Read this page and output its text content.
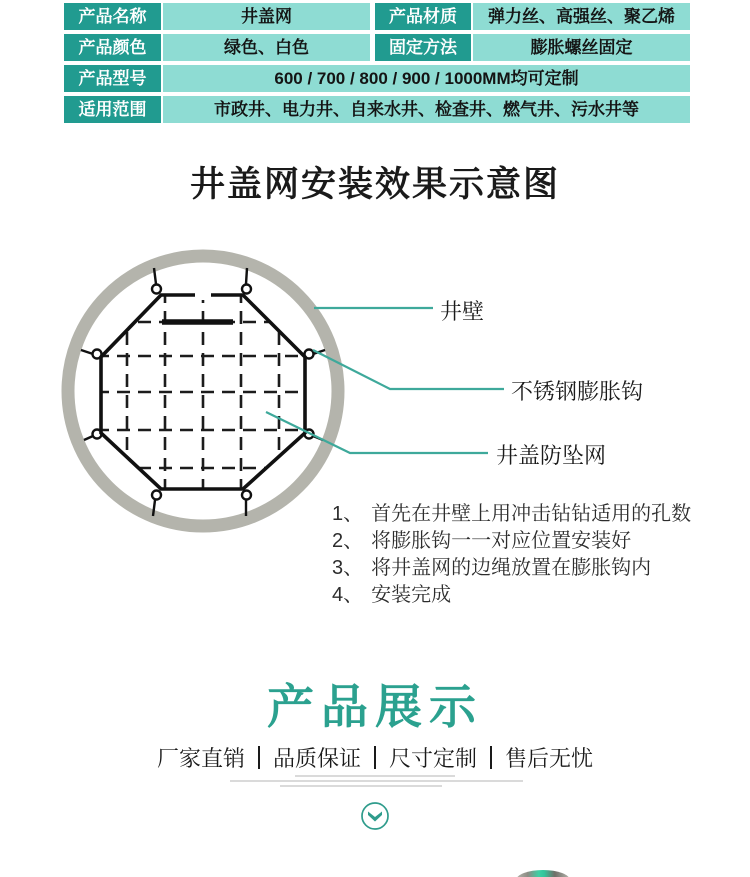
产品名称	井盖网	产品材质	弹力丝、高强丝、聚乙烯
产品颜色	绿色、白色	固定方法	膨胀螺丝固定
产品型号	600 / 700 / 800 / 900 / 1000MM均可定制
适用范围	市政井、电力井、自来水井、检查井、燃气井、污水井等
井盖网安装效果示意图
井壁
不锈钢膨胀钩
井盖防坠网
1、 首先在井壁上用冲击钻钻适用的孔数
2、 将膨胀钩一一对应位置安装好
3、 将井盖网的边绳放置在膨胀钩内
4、 安装完成
产品展示
厂家直销	品质保证	尺寸定制	售后无忧
